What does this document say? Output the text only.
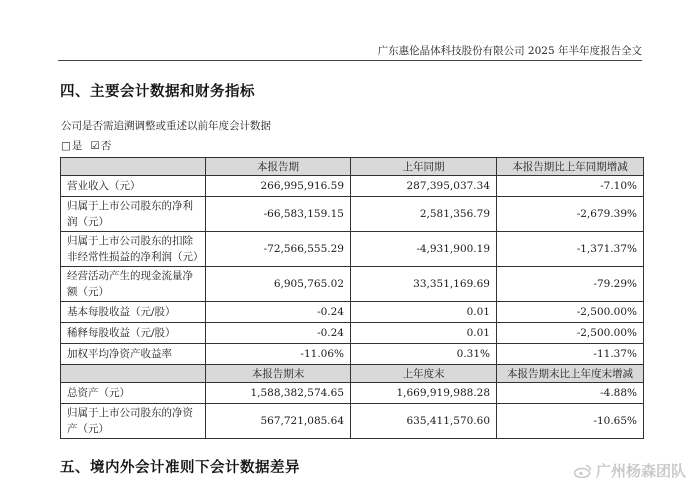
广东惠伦晶体科技股份有限公司 2025 年半年度报告全文
四、主要会计数据和财务指标
公司是否需追溯调整或重述以前年度会计数据
□ 是 ☑ 否
	本报告期	上年同期	本报告期比上年同期增减
营业收入（元）	266,995,916.59	287,395,037.34	-7.10%
归属于上市公司股东的净利润（元）	-66,583,159.15	2,581,356.79	-2,679.39%
归属于上市公司股东的扣除非经常性损益的净利润（元）	-72,566,555.29	-4,931,900.19	-1,371.37%
经营活动产生的现金流量净额（元）	6,905,765.02	33,351,169.69	-79.29%
基本每股收益（元/股）	-0.24	0.01	-2,500.00%
稀释每股收益（元/股）	-0.24	0.01	-2,500.00%
加权平均净资产收益率	-11.06%	0.31%	-11.37%
	本报告期末	上年度末	本报告期末比上年度末增减
总资产（元）	1,588,382,574.65	1,669,919,988.28	-4.88%
归属于上市公司股东的净资产（元）	567,721,085.64	635,411,570.60	-10.65%
五、境内外会计准则下会计数据差异	广州杨森团队
